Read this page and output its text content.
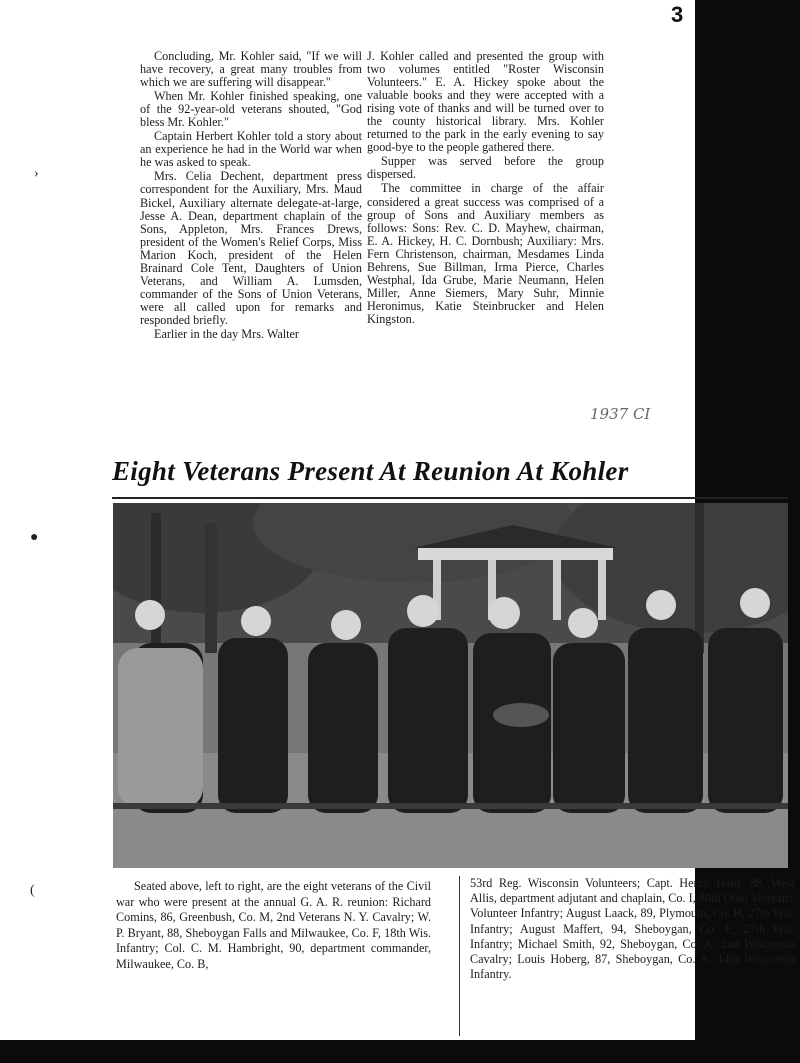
3
›
●
(

Concluding, Mr. Kohler said, "If we will have recovery, a great many troubles from which we are suffering will disappear."

When Mr. Kohler finished speaking, one of the 92-year-old veterans shouted, "God bless Mr. Kohler."

Captain Herbert Kohler told a story about an experience he had in the World war when he was asked to speak.

Mrs. Celia Dechent, department press correspondent for the Auxiliary, Mrs. Maud Bickel, Auxiliary alternate delegate-at-large, Jesse A. Dean, department chaplain of the Sons, Appleton, Mrs. Frances Drews, president of the Women's Relief Corps, Miss Marion Koch, president of the Helen Brainard Cole Tent, Daughters of Union Veterans, and William A. Lumsden, commander of the Sons of Union Veterans, were all called upon for remarks and responded briefly.

Earlier in the day Mrs. Walter

J. Kohler called and presented the group with two volumes entitled "Roster Wisconsin Volunteers." E. A. Hickey spoke about the valuable books and they were accepted with a rising vote of thanks and will be turned over to the county historical library. Mrs. Kohler returned to the park in the early evening to say good-bye to the people gathered there.

Supper was served before the group dispersed.

The committee in charge of the affair considered a great success was comprised of a group of Sons and Auxiliary members as follows: Sons: Rev. C. D. Mayhew, chairman, E. A. Hickey, H. C. Dornbush; Auxiliary: Mrs. Fern Christenson, chairman, Mesdames Linda Behrens, Sue Billman, Irma Pierce, Charles Westphal, Ida Grube, Marie Neumann, Helen Miller, Anne Siemers, Mary Suhr, Minnie Heronimus, Katie Steinbrucker and Helen Kingston.

1937 CI
Eight Veterans Present At Reunion At Kohler
Seated above, left to right, are the eight veterans of the Civil war who were present at the annual G. A. R. reunion: Richard Comins, 86, Greenbush, Co. M, 2nd Veterans N. Y. Cavalry; W. P. Bryant, 88, Sheboygan Falls and Milwaukee, Co. F, 18th Wis. Infantry; Col. C. M. Hambright, 90, department commander, Milwaukee, Co. B,
53rd Reg. Wisconsin Volunteers; Capt. Henry Held, 88, West Allis, department adjutant and chaplain, Co. I, 80th Ohio Veterans' Volunteer Infantry; August Laack, 89, Plymouth, Co. B, 27th Wis. Infantry; August Maffert, 94, Sheboygan, Co. E, 27th Wis. Infantry; Michael Smith, 92, Sheboygan, Co. A, 2nd Wisconsin Cavalry; Louis Hoberg, 87, Sheboygan, Co. A, 14th Wisconsin Infantry.
